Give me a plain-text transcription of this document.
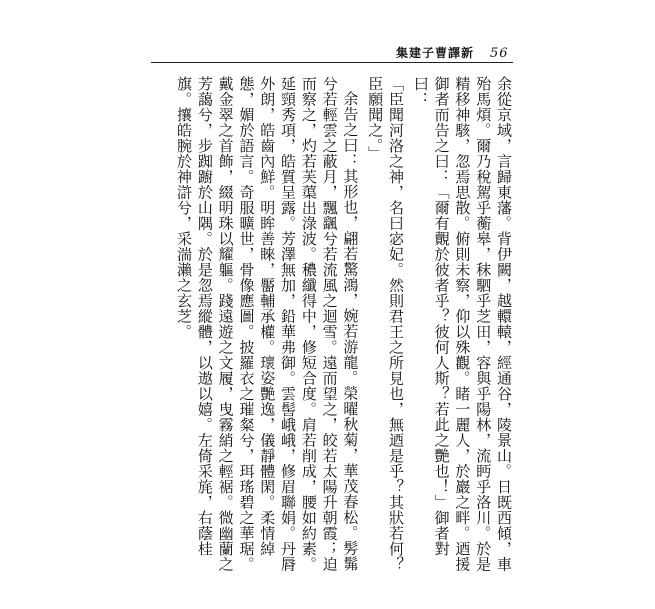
集建子曹譯新 56

余從京域，言歸東藩。背伊闕，越轘轅，經通谷，陵景山。日既西傾，車殆馬煩。爾乃稅駕乎蘅皋，秣駟乎芝田，容與乎陽林，流眄乎洛川。於是精移神駭，忽焉思散。俯則未察，仰以殊觀。睹一麗人，於巖之畔。迺援御者而告之曰：「爾有覿於彼者乎？彼何人斯？若此之艷也！」御者對曰：

「臣聞河洛之神，名曰宓妃。然則君王之所見也，無迺是乎？其狀若何？臣願聞之。」

余告之曰：其形也，翩若驚鴻，婉若游龍。榮曜秋菊，華茂春松。髣髴兮若輕雲之蔽月，飄颻兮若流風之迴雪。遠而望之，皎若太陽升朝霞；迫而察之，灼若芙蕖出淥波。穠纖得中，修短合度。肩若削成，腰如約素。延頸秀項，皓質呈露。芳澤無加，鉛華弗御。雲髻峨峨，修眉聯娟。丹脣外朗，皓齒內鮮。明眸善睞，靨輔承權。瓌姿艷逸，儀靜體閑。柔情綽態，媚於語言。奇服曠世，骨像應圖。披羅衣之璀粲兮，珥瑤碧之華琚。戴金翠之首飾，綴明珠以耀軀。踐遠遊之文履，曳霧綃之輕裾。微幽蘭之芳藹兮，步踟躕於山隅。於是忽焉縱體，以遨以嬉。左倚采旄，右蔭桂旗。攘皓腕於神滸兮，采湍瀨之玄芝。
